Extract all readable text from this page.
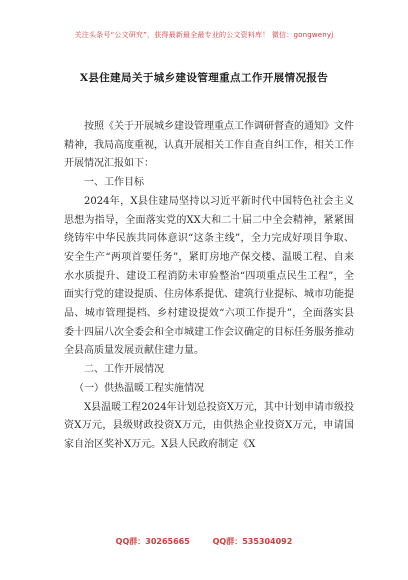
关注头条号“公文研究”，获得最新最全最专业的公文资料库！ 微信：gongwenyj
X县住建局关于城乡建设管理重点工作开展情况报告

按照《关于开展城乡建设管理重点工作调研督查的通知》文件精神，我局高度重视，认真开展相关工作自查自纠工作，相关工作开展情况汇报如下：

一、工作目标

2024年，X县住建局坚持以习近平新时代中国特色社会主义思想为指导，全面落实党的XX大和二十届二中全会精神，紧紧围绕铸牢中华民族共同体意识“这条主线”，全力完成好项目争取、安全生产“两项首要任务”，紧盯房地产保交楼、温暖工程、自来水水质提升、建设工程消防未审验整治“四项重点民生工程”，全面实行党的建设提质、住房体系提优、建筑行业提标、城市功能提品、城市管理提档、乡村建设提效“六项工作提升”，全面落实县委十四届八次全委会和全市城建工作会议确定的目标任务服务推动全县高质量发展贡献住建力量。

二、工作开展情况

（一）供热温暖工程实施情况

X县温暖工程2024年计划总投资X万元，其中计划申请市级投资X万元，县级财政投资X万元，由供热企业投资X万元，申请国家自治区奖补X万元。X县人民政府制定《X

QQ群：30265665	QQ群：535304092
